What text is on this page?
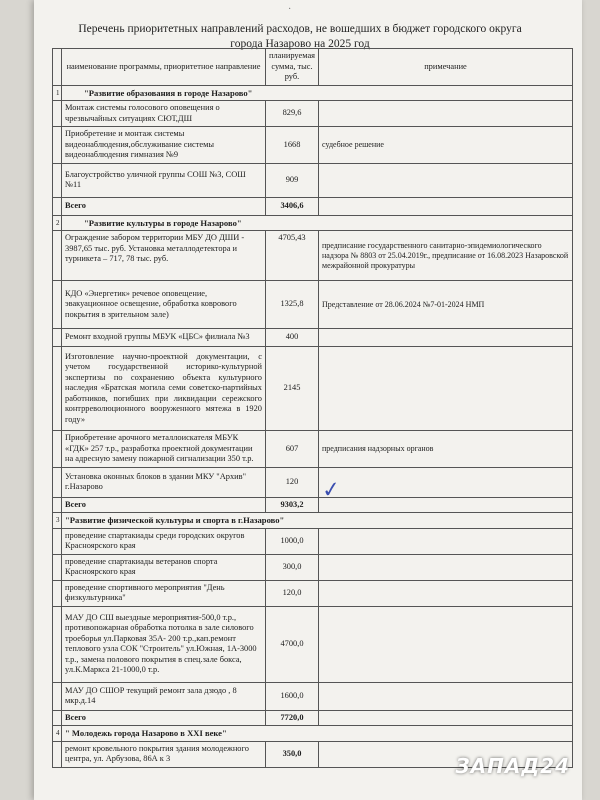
·
Перечень приоритетных направлений расходов, не вошедших в бюджет городского округа
города Назарово на 2025 год
	наименование программы, приоритетное направление	планируемая сумма, тыс. руб.	примечание
1	"Развитие образования в городе Назарово"		
	Монтаж системы голосового оповещения о чрезвычайных ситуациях СЮТ,ДШ	829,6	
	Приобретение и монтаж системы видеонаблюдения,обслуживание системы видеонаблюдения гимназия №9	1668	судебное решение
	Благоустройство уличной группы СОШ №3, СОШ №11	909	
	Всего	3406,6	
2	"Развитие культуры в городе Назарово"		
	Ограждение забором территории МБУ ДО ДШИ - 3987,65 тыс. руб. Установка металлодетектора и турникета – 717, 78 тыс. руб.	4705,43	предписание государственного санитарно-эпидемиологического надзора № 8803 от 25.04.2019г., предписание от 16.08.2023 Назаровской межрайонной прокуратуры
	КДО «Энергетик» речевое оповещение, эвакуационное освещение, обработка коврового покрытия в зрительном зале)	1325,8	Представление от 28.06.2024 №7-01-2024 НМП
	Ремонт входной группы МБУК «ЦБС» филиала №3	400	
	Изготовление научно-проектной документации, с учетом государственной историко-культурной экспертизы по сохранению объекта культурного наследия «Братская могила семи советско-партийных работников, погибших при ликвидации сережского контрреволюционного вооруженного мятежа в 1920 году»	2145	
	Приобретение арочного металлоискателя МБУК «ГДК» 257 т.р., разработка проектной документации на адресную замену пожарной сигнализации 350 т.р.	607	предписания надзорных органов
	Установка оконных блоков в здании МКУ "Архив" г.Назарово	120	
	Всего	9303,2	
3	"Развитие физической культуры и спорта в г.Назарово"		
	проведение спартакиады среди городских округов Красноярского края	1000,0	
	проведение спартакиады ветеранов спорта Красноярского края	300,0	
	проведение спортивного мероприятия "День физкультурника"	120,0	
	МАУ ДО СШ выездные мероприятия-500,0 т.р., противопожарная обработка потолка в зале силового троеборья ул.Парковая 35А- 200 т.р.,кап.ремонт теплового узла СОК "Строитель" ул.Южная, 1А-3000 т.р., замена полового покрытия в спец.зале бокса, ул.К.Маркса 21-1000,0 т.р.	4700,0	
	МАУ ДО СШОР текущий ремонт зала дзюдо , 8 мкр.д.14	1600,0	
	Всего	7720,0	
4	" Молодежь города Назарово в XXI веке"		
	ремонт кровельного покрытия здания молодежного центра, ул. Арбузова, 86А к 3	350,0	
✓
ЗАПАД24
